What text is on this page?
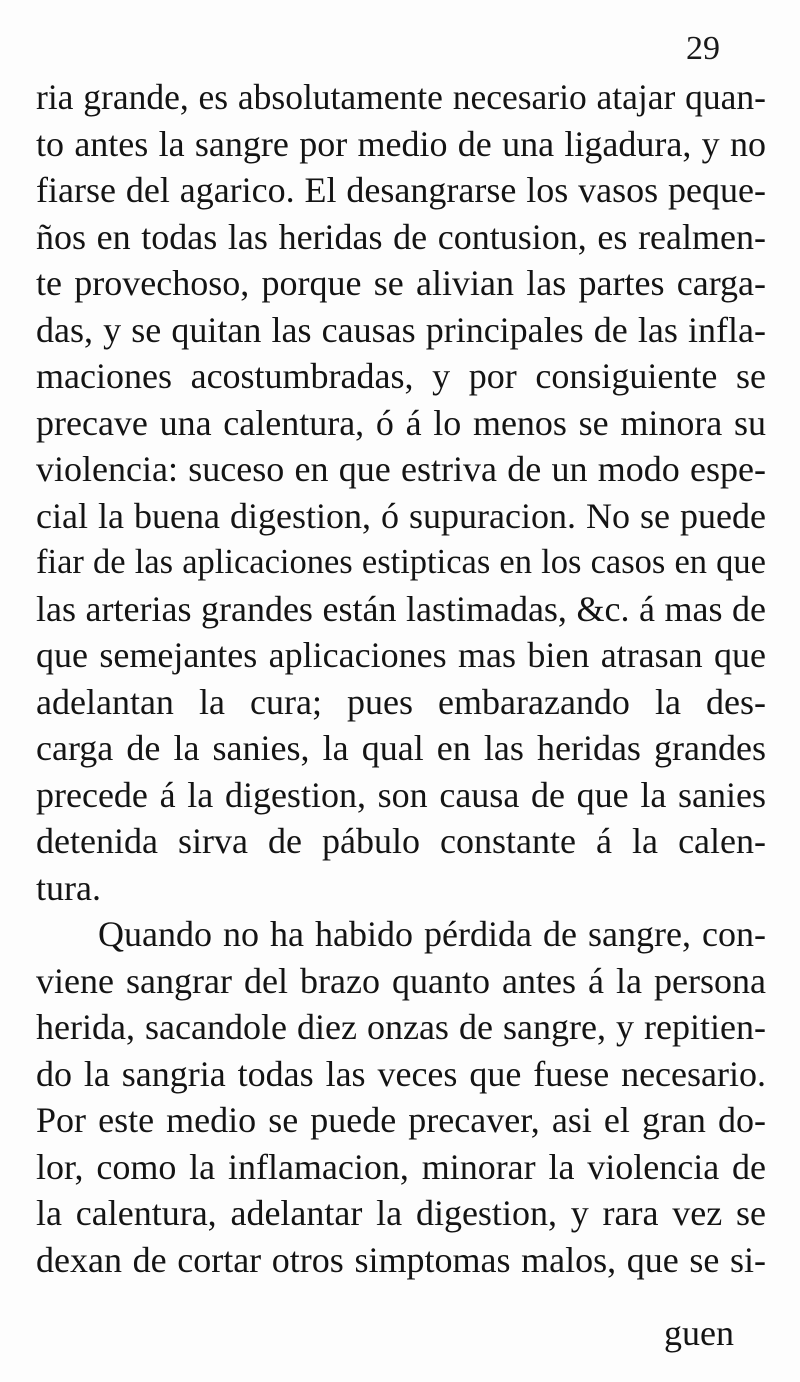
29
ria grande, es absolutamente necesario atajar quan-
to antes la sangre por medio de una ligadura, y no
fiarse del agarico. El desangrarse los vasos peque-
ños en todas las heridas de contusion, es realmen-
te provechoso, porque se alivian las partes carga-
das, y se quitan las causas principales de las infla-
maciones acostumbradas, y por consiguiente se
precave una calentura, ó á lo menos se minora su
violencia: suceso en que estriva de un modo espe-
cial la buena digestion, ó supuracion. No se puede
fiar de las aplicaciones estipticas en los casos en que
las arterias grandes están lastimadas, &c. á mas de
que semejantes aplicaciones mas bien atrasan que
adelantan la cura; pues embarazando la des-
carga de la sanies, la qual en las heridas grandes
precede á la digestion, son causa de que la sanies
detenida sirva de pábulo constante á la calen-
tura.
Quando no ha habido pérdida de sangre, con-
viene sangrar del brazo quanto antes á la persona
herida, sacandole diez onzas de sangre, y repitien-
do la sangria todas las veces que fuese necesario.
Por este medio se puede precaver, asi el gran do-
lor, como la inflamacion, minorar la violencia de
la calentura, adelantar la digestion, y rara vez se
dexan de cortar otros simptomas malos, que se si-
guen
